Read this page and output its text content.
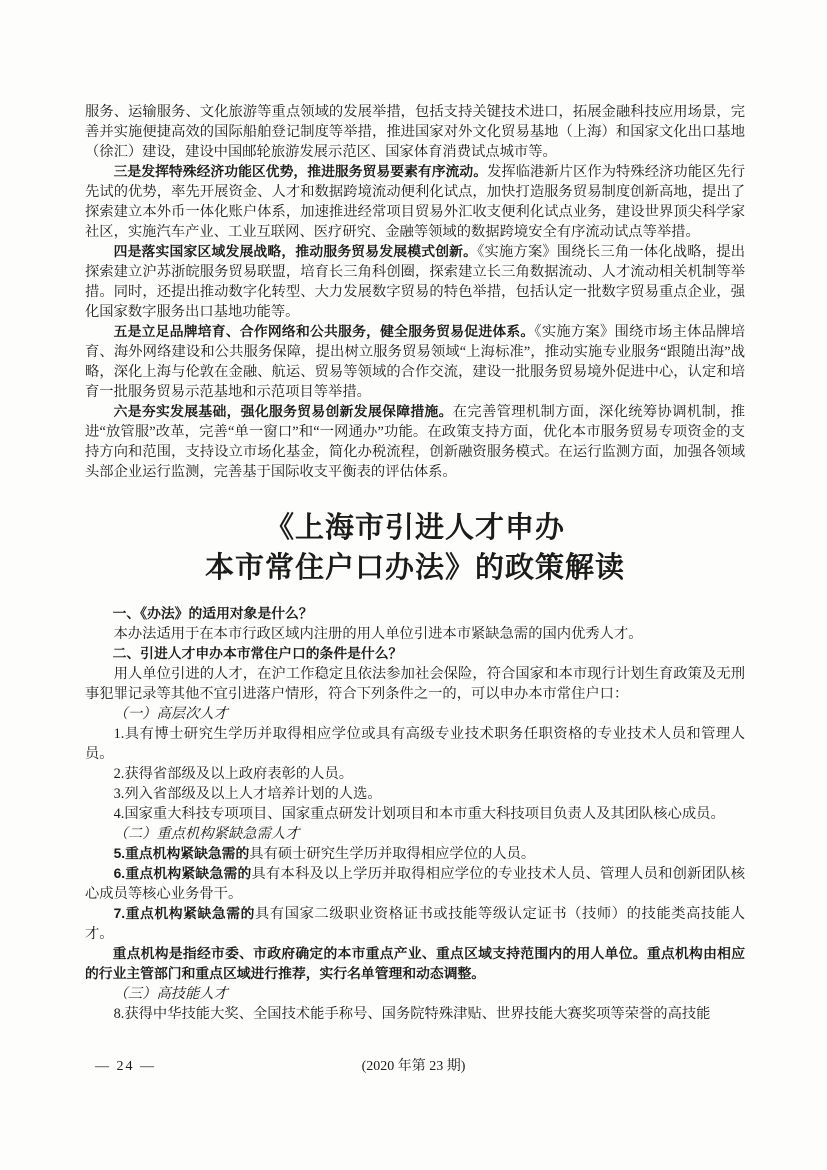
服务、运输服务、文化旅游等重点领域的发展举措，包括支持关键技术进口，拓展金融科技应用场景，完善并实施便捷高效的国际船舶登记制度等举措，推进国家对外文化贸易基地（上海）和国家文化出口基地（徐汇）建设，建设中国邮轮旅游发展示范区、国家体育消费试点城市等。

三是发挥特殊经济功能区优势，推进服务贸易要素有序流动。发挥临港新片区作为特殊经济功能区先行先试的优势，率先开展资金、人才和数据跨境流动便利化试点，加快打造服务贸易制度创新高地，提出了探索建立本外币一体化账户体系，加速推进经常项目贸易外汇收支便利化试点业务，建设世界顶尖科学家社区，实施汽车产业、工业互联网、医疗研究、金融等领域的数据跨境安全有序流动试点等举措。

四是落实国家区域发展战略，推动服务贸易发展模式创新。《实施方案》围绕长三角一体化战略，提出探索建立沪苏浙皖服务贸易联盟，培育长三角科创圈，探索建立长三角数据流动、人才流动相关机制等举措。同时，还提出推动数字化转型、大力发展数字贸易的特色举措，包括认定一批数字贸易重点企业，强化国家数字服务出口基地功能等。

五是立足品牌培育、合作网络和公共服务，健全服务贸易促进体系。《实施方案》围绕市场主体品牌培育、海外网络建设和公共服务保障，提出树立服务贸易领域“上海标准”，推动实施专业服务“跟随出海”战略，深化上海与伦敦在金融、航运、贸易等领域的合作交流，建设一批服务贸易境外促进中心，认定和培育一批服务贸易示范基地和示范项目等举措。

六是夯实发展基础，强化服务贸易创新发展保障措施。在完善管理机制方面，深化统筹协调机制，推进“放管服”改革，完善“单一窗口”和“一网通办”功能。在政策支持方面，优化本市服务贸易专项资金的支持方向和范围，支持设立市场化基金，简化办税流程，创新融资服务模式。在运行监测方面，加强各领域头部企业运行监测，完善基于国际收支平衡表的评估体系。

《上海市引进人才申办
本市常住户口办法》的政策解读

一、《办法》的适用对象是什么？

本办法适用于在本市行政区域内注册的用人单位引进本市紧缺急需的国内优秀人才。

二、引进人才申办本市常住户口的条件是什么？

用人单位引进的人才，在沪工作稳定且依法参加社会保险，符合国家和本市现行计划生育政策及无刑事犯罪记录等其他不宜引进落户情形，符合下列条件之一的，可以申办本市常住户口：

（一）高层次人才

1.具有博士研究生学历并取得相应学位或具有高级专业技术职务任职资格的专业技术人员和管理人员。

2.获得省部级及以上政府表彰的人员。

3.列入省部级及以上人才培养计划的人选。

4.国家重大科技专项项目、国家重点研发计划项目和本市重大科技项目负责人及其团队核心成员。

（二）重点机构紧缺急需人才

5.重点机构紧缺急需的具有硕士研究生学历并取得相应学位的人员。

6.重点机构紧缺急需的具有本科及以上学历并取得相应学位的专业技术人员、管理人员和创新团队核心成员等核心业务骨干。

7.重点机构紧缺急需的具有国家二级职业资格证书或技能等级认定证书（技师）的技能类高技能人才。

重点机构是指经市委、市政府确定的本市重点产业、重点区域支持范围内的用人单位。重点机构由相应的行业主管部门和重点区域进行推荐，实行名单管理和动态调整。

（三）高技能人才

8.获得中华技能大奖、全国技术能手称号、国务院特殊津贴、世界技能大赛奖项等荣誉的高技能

— 24 —	(2020 年第 23 期)
